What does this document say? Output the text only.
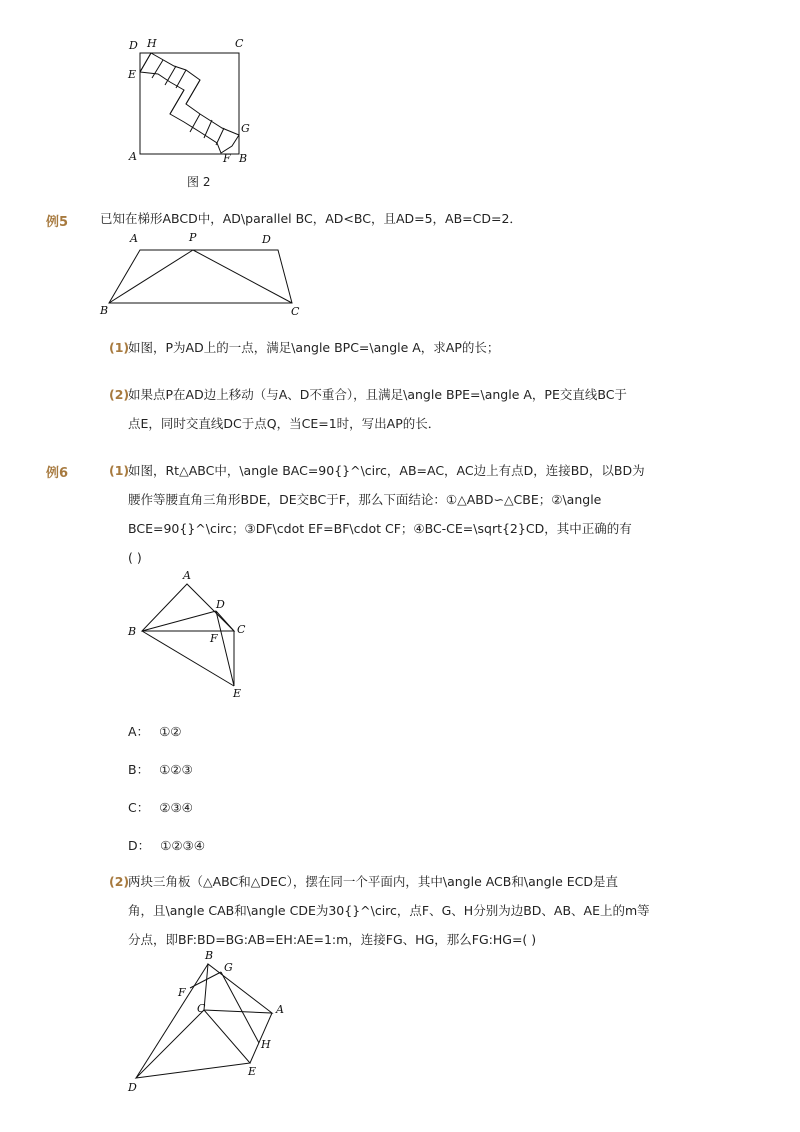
D H	C
E
G
A	F B
图 2
例5	已知在梯形ABCD中，AD\parallel BC，AD<BC，且AD=5，AB=CD=2．
A	P	D
B	C
(1)
如图，P为AD上的一点，满足\angle BPC=\angle A，求AP的长；
(2)
如果点P在AD边上移动（与A、D不重合），且满足\angle BPE=\angle A，PE交直线BC于
点E，同时交直线DC于点Q，当CE=1时，写出AP的长．
例6	(1)
如图，Rt△ABC中，\angle BAC=90{}^\circ，AB=AC，AC边上有点D，连接BD，以BD为
腰作等腰直角三角形BDE，DE交BC于F，那么下面结论：①△ABD∽△CBE；②\angle
BCE=90{}^\circ；③DF\cdot EF=BF\cdot CF；④BC-CE=\sqrt{2}CD，其中正确的有
( )
A
D
B	C
F
E
A： ①②
B： ①②③
C： ②③④
D： ①②③④
(2)
两块三角板（△ABC和△DEC），摆在同一个平面内，其中\angle ACB和\angle ECD是直
角，且\angle CAB和\angle CDE为30{}^\circ，点F、G、H分别为边BD、AB、AE上的m等
分点，即BF:BD=BG:AB=EH:AE=1:m，连接FG、HG，那么FG:HG=( )
B
G
F
C	A
H
D
E
